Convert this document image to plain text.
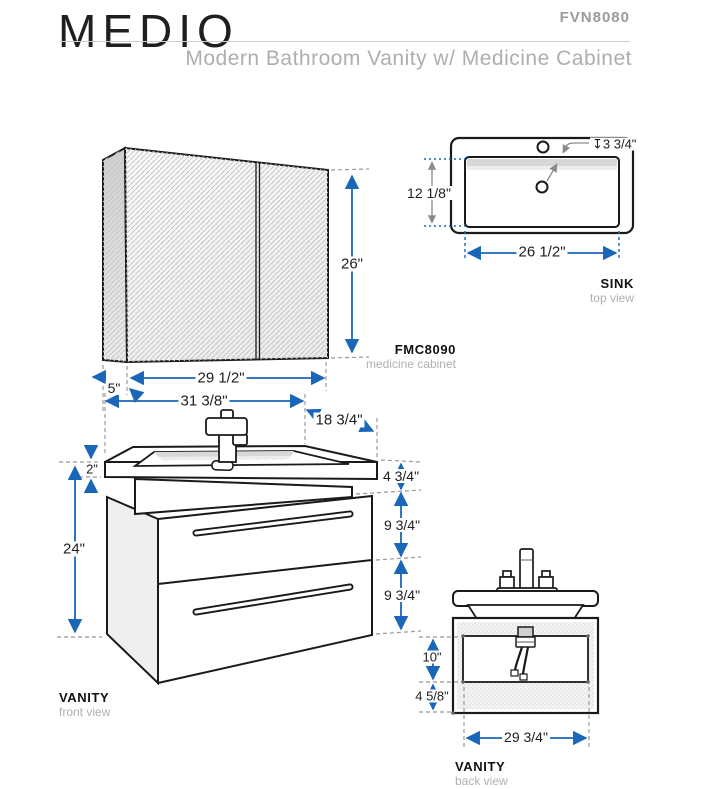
MEDIO	FVN8080
Modern Bathroom Vanity w/ Medicine Cabinet
26"
5"
29 1/2"
12 1/8"
26 1/2"
↧3 3/4"
31 3/8"
18 3/4"
2"
24"
4 3/4"
9 3/4"
9 3/4"
10"
4 5/8"
29 3/4"
FMC8090
medicine cabinet
SINK
top view
VANITY
front view
VANITY
back view
